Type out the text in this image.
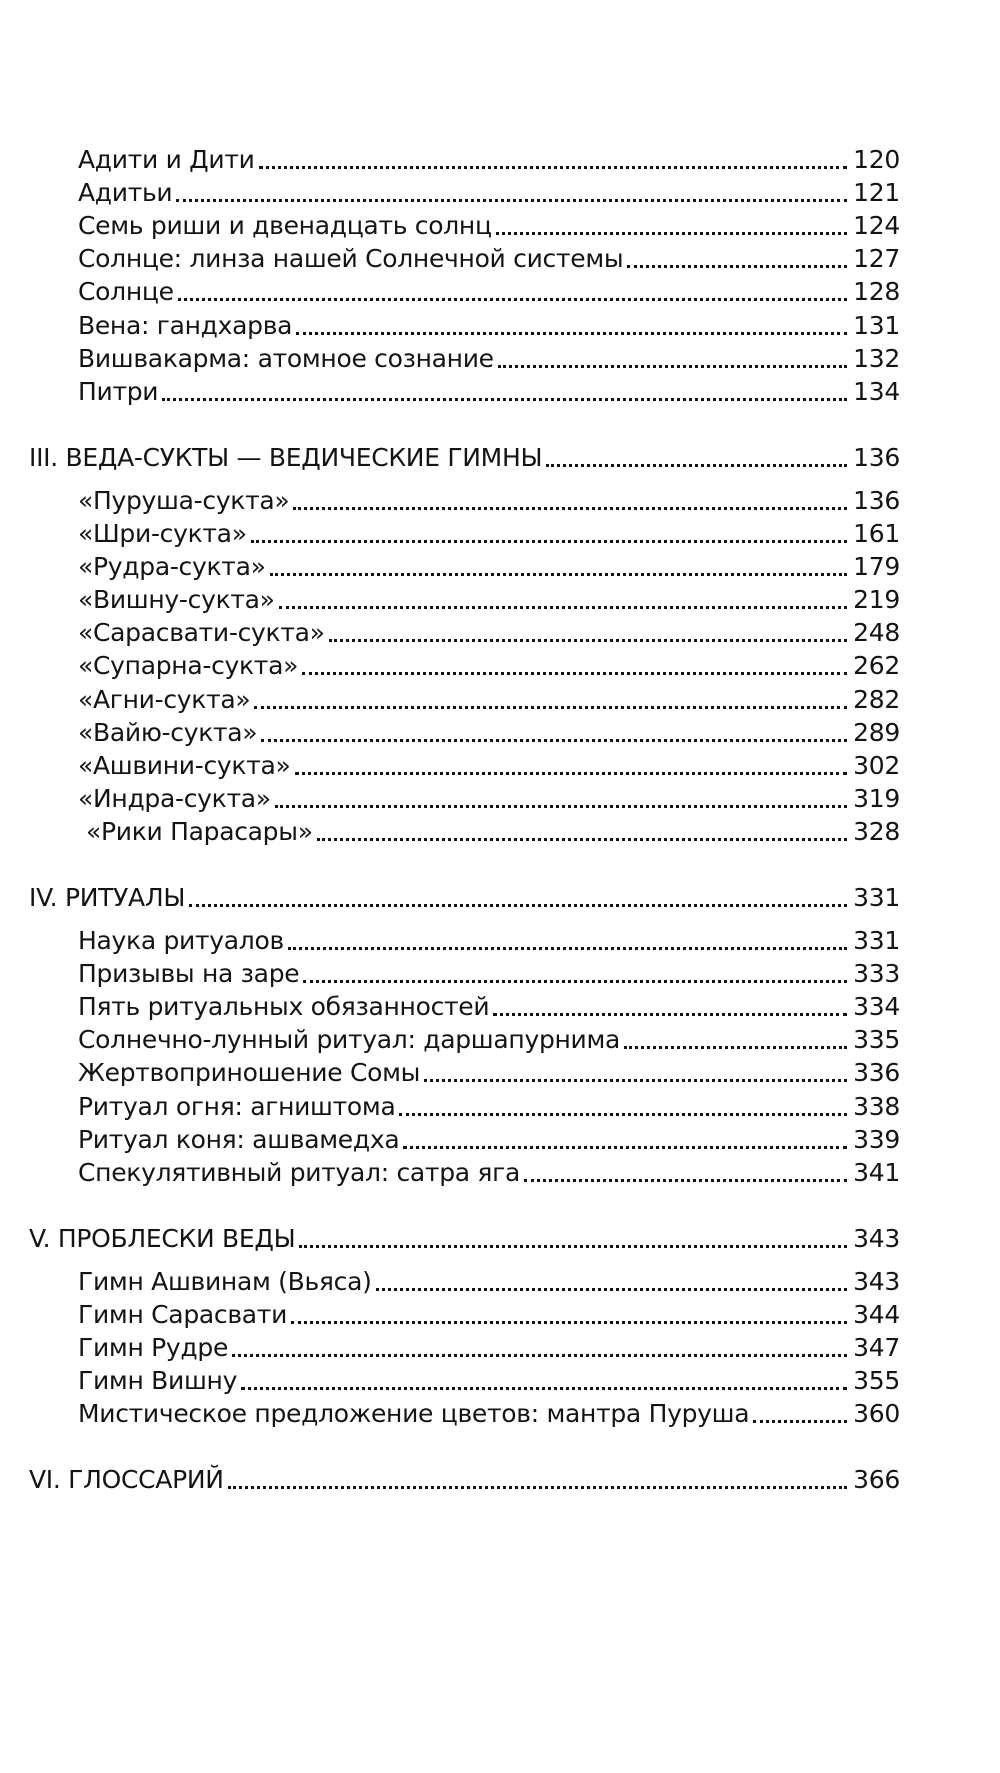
Адити и Дити	120
Адитьи	121
Семь риши и двенадцать солнц	124
Солнце: линза нашей Солнечной системы	127
Солнце	128
Вена: гандхарва	131
Вишвакарма: атомное сознание	132
Питри	134
III. ВЕДА-СУКТЫ — ВЕДИЧЕСКИЕ ГИМНЫ	136
«Пуруша-сукта»	136
«Шри-сукта»	161
«Рудра-сукта»	179
«Вишну-сукта»	219
«Сарасвати-сукта»	248
«Супарна-сукта»	262
«Агни-сукта»	282
«Вайю-сукта»	289
«Ашвини-сукта»	302
«Индра-сукта»	319
«Рики Парасары»	328
IV. РИТУАЛЫ	331
Наука ритуалов	331
Призывы на заре	333
Пять ритуальных обязанностей	334
Солнечно-лунный ритуал: даршапурнима	335
Жертвоприношение Сомы	336
Ритуал огня: агништома	338
Ритуал коня: ашвамедха	339
Спекулятивный ритуал: сатра яга	341
V. ПРОБЛЕСКИ ВЕДЫ	343
Гимн Ашвинам (Вьяса)	343
Гимн Сарасвати	344
Гимн Рудре	347
Гимн Вишну	355
Мистическое предложение цветов: мантра Пуруша	360
VI. ГЛОССАРИЙ	366
